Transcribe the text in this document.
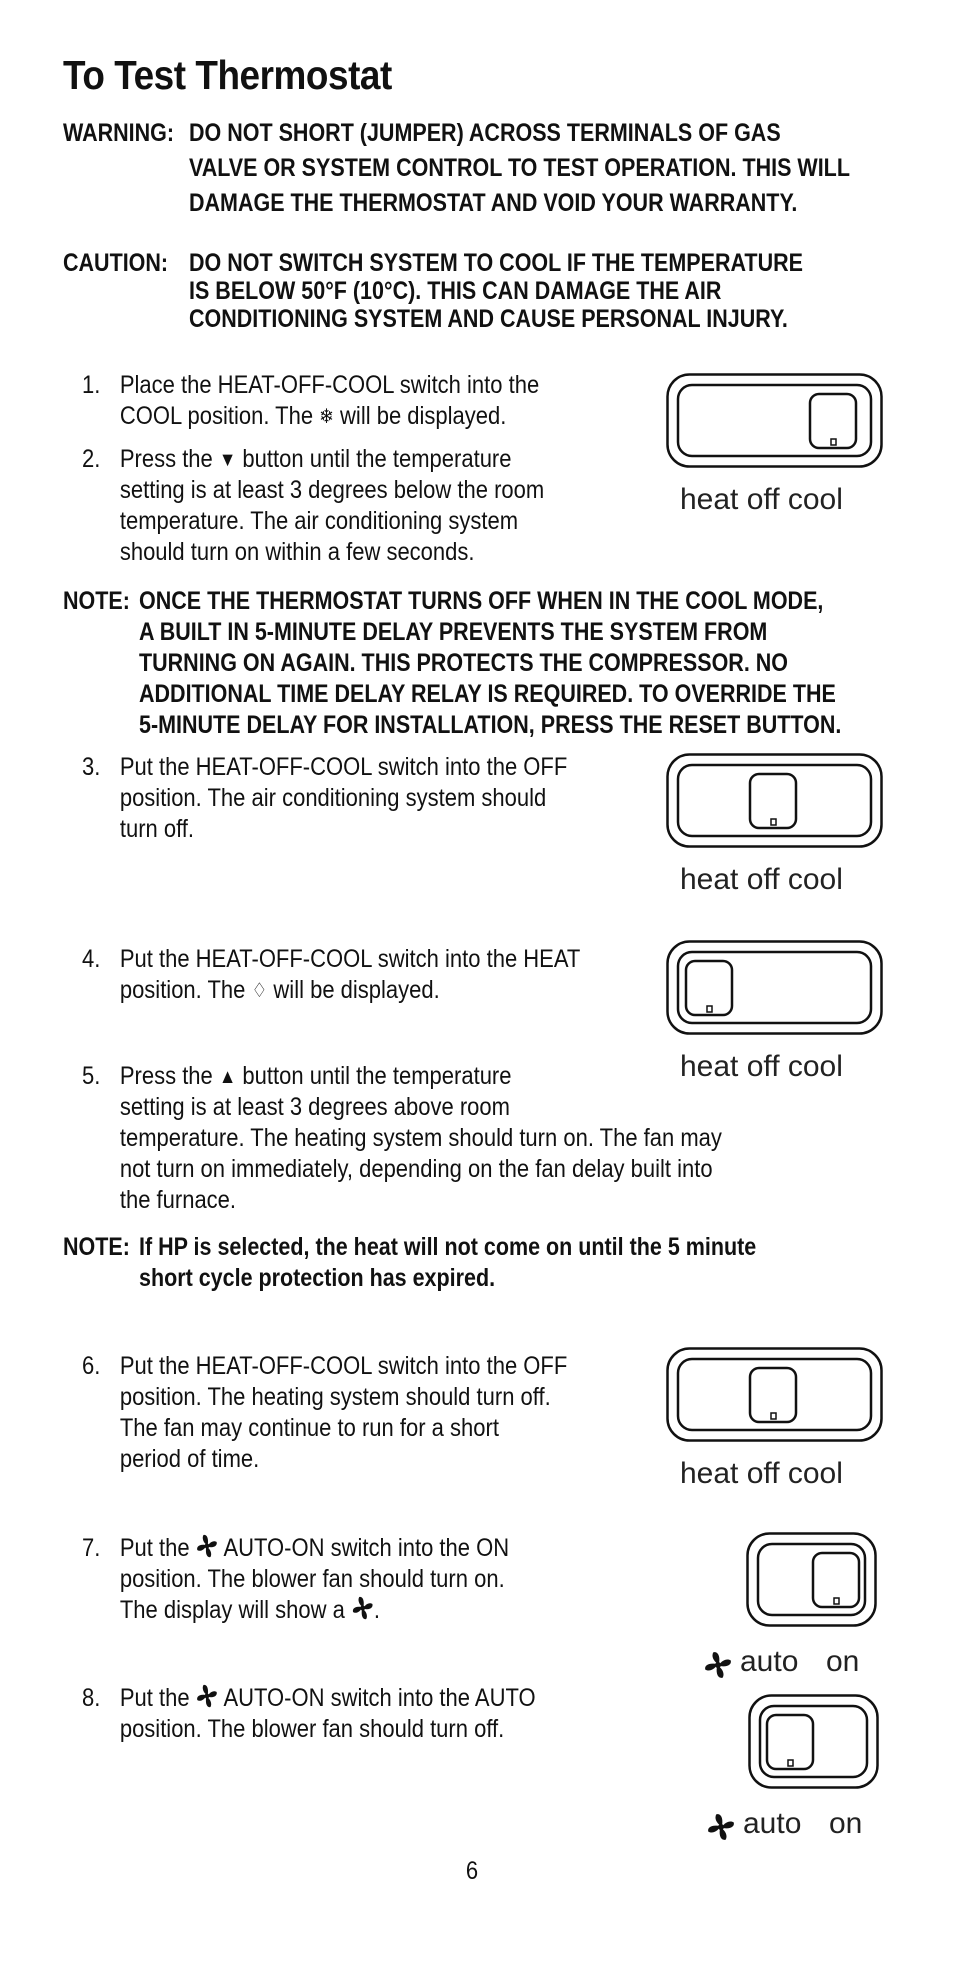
To Test Thermostat
WARNING: DO NOT SHORT (JUMPER) ACROSS TERMINALS OF GAS
VALVE OR SYSTEM CONTROL TO TEST OPERATION. THIS WILL
DAMAGE THE THERMOSTAT AND VOID YOUR WARRANTY.
CAUTION: DO NOT SWITCH SYSTEM TO COOL IF THE TEMPERATURE
IS BELOW 50°F (10°C). THIS CAN DAMAGE THE AIR
CONDITIONING SYSTEM AND CAUSE PERSONAL INJURY.
1. Place the HEAT-OFF-COOL switch into the
COOL position. The ❄ will be displayed.
2. Press the ▼ button until the temperature
setting is at least 3 degrees below the room
temperature. The air conditioning system
should turn on within a few seconds.
NOTE: ONCE THE THERMOSTAT TURNS OFF WHEN IN THE COOL MODE,
A BUILT IN 5-MINUTE DELAY PREVENTS THE SYSTEM FROM
TURNING ON AGAIN. THIS PROTECTS THE COMPRESSOR. NO
ADDITIONAL TIME DELAY RELAY IS REQUIRED. TO OVERRIDE THE
5-MINUTE DELAY FOR INSTALLATION, PRESS THE RESET BUTTON.
3. Put the HEAT-OFF-COOL switch into the OFF
position. The air conditioning system should
turn off.
4. Put the HEAT-OFF-COOL switch into the HEAT
position. The ♢ will be displayed.
5. Press the ▲ button until the temperature
setting is at least 3 degrees above room
temperature. The heating system should turn on. The fan may
not turn on immediately, depending on the fan delay built into
the furnace.
NOTE: If HP is selected, the heat will not come on until the 5 minute
short cycle protection has expired.
6. Put the HEAT-OFF-COOL switch into the OFF
position. The heating system should turn off.
The fan may continue to run for a short
period of time.
7. Put the  AUTO-ON switch into the ON
position. The blower fan should turn on.
The display will show a .
8. Put the  AUTO-ON switch into the AUTO
position. The blower fan should turn off.
heat off cool
heat off cool
heat off cool
heat off cool
auto on
auto on
6
